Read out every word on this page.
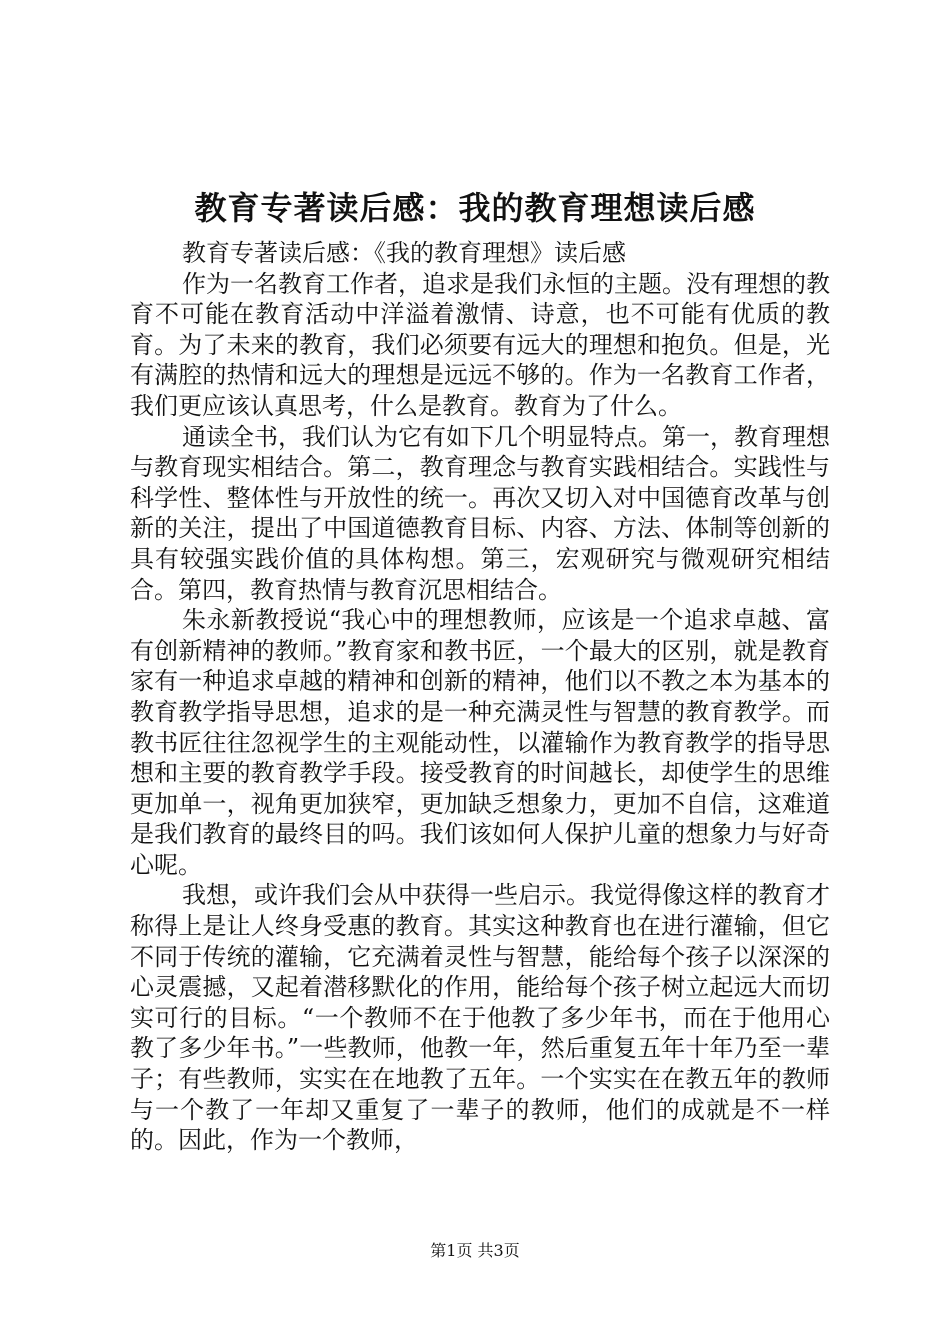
教育专著读后感：我的教育理想读后感

教育专著读后感：《我的教育理想》读后感

作为一名教育工作者，追求是我们永恒的主题。没有理想的教育不可能在教育活动中洋溢着激情、诗意，也不可能有优质的教育。为了未来的教育，我们必须要有远大的理想和抱负。但是，光有满腔的热情和远大的理想是远远不够的。作为一名教育工作者，我们更应该认真思考，什么是教育。教育为了什么。

通读全书，我们认为它有如下几个明显特点。第一，教育理想与教育现实相结合。第二，教育理念与教育实践相结合。实践性与科学性、整体性与开放性的统一。再次又切入对中国德育改革与创新的关注，提出了中国道德教育目标、内容、方法、体制等创新的具有较强实践价值的具体构想。第三，宏观研究与微观研究相结合。第四，教育热情与教育沉思相结合。

朱永新教授说“我心中的理想教师，应该是一个追求卓越、富有创新精神的教师。”教育家和教书匠，一个最大的区别，就是教育家有一种追求卓越的精神和创新的精神，他们以不教之本为基本的教育教学指导思想，追求的是一种充满灵性与智慧的教育教学。而教书匠往往忽视学生的主观能动性，以灌输作为教育教学的指导思想和主要的教育教学手段。接受教育的时间越长，却使学生的思维更加单一，视角更加狭窄，更加缺乏想象力，更加不自信，这难道是我们教育的最终目的吗。我们该如何人保护儿童的想象力与好奇心呢。

我想，或许我们会从中获得一些启示。我觉得像这样的教育才称得上是让人终身受惠的教育。其实这种教育也在进行灌输，但它不同于传统的灌输，它充满着灵性与智慧，能给每个孩子以深深的心灵震撼，又起着潜移默化的作用，能给每个孩子树立起远大而切实可行的目标。“一个教师不在于他教了多少年书，而在于他用心教了多少年书。”一些教师，他教一年，然后重复五年十年乃至一辈子；有些教师，实实在在地教了五年。一个实实在在教五年的教师与一个教了一年却又重复了一辈子的教师，他们的成就是不一样的。因此，作为一个教师，

第1页 共3页
